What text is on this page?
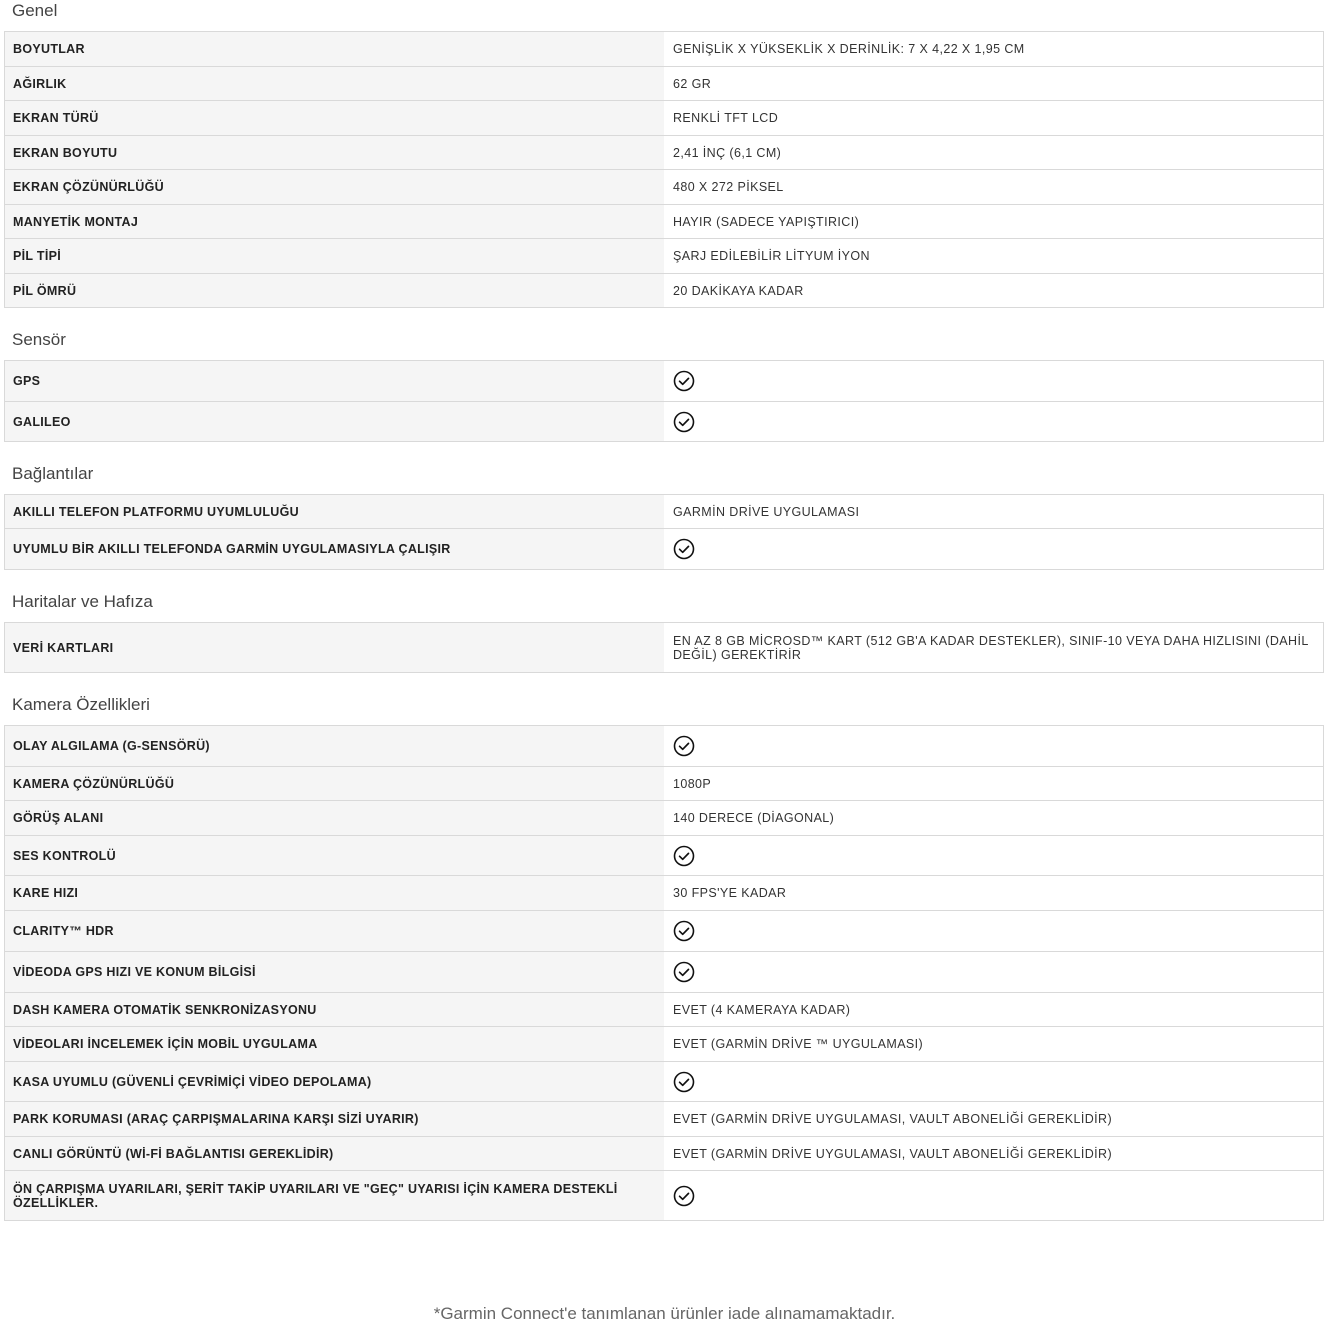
Genel
BOYUTLAR	GENİŞLİK X YÜKSEKLİK X DERİNLİK: 7 X 4,22 X 1,95 CM
AĞIRLIK	62 GR
EKRAN TÜRÜ	RENKLİ TFT LCD
EKRAN BOYUTU	2,41 İNÇ (6,1 CM)
EKRAN ÇÖZÜNÜRLÜĞÜ	480 X 272 PİKSEL
MANYETİK MONTAJ	HAYIR (SADECE YAPIŞTIRICI)
PİL TİPİ	ŞARJ EDİLEBİLİR LİTYUM İYON
PİL ÖMRÜ	20 DAKİKAYA KADAR
Sensör
GPS
GALILEO
Bağlantılar
AKILLI TELEFON PLATFORMU UYUMLULUĞU	GARMİN DRİVE UYGULAMASI
UYUMLU BİR AKILLI TELEFONDA GARMİN UYGULAMASIYLA ÇALIŞIR
Haritalar ve Hafıza
VERİ KARTLARI	EN AZ 8 GB MİCROSD™ KART (512 GB'A KADAR DESTEKLER), SINIF-10 VEYA DAHA HIZLISINI (DAHİL DEĞİL) GEREKTİRİR
Kamera Özellikleri
OLAY ALGILAMA (G-SENSÖRÜ)
KAMERA ÇÖZÜNÜRLÜĞÜ	1080P
GÖRÜŞ ALANI	140 DERECE (DİAGONAL)
SES KONTROLÜ
KARE HIZI	30 FPS'YE KADAR
CLARITY™ HDR
VİDEODA GPS HIZI VE KONUM BİLGİSİ
DASH KAMERA OTOMATİK SENKRONİZASYONU	EVET (4 KAMERAYA KADAR)
VİDEOLARI İNCELEMEK İÇİN MOBİL UYGULAMA	EVET (GARMİN DRİVE ™ UYGULAMASI)
KASA UYUMLU (GÜVENLİ ÇEVRİMİÇİ VİDEO DEPOLAMA)
PARK KORUMASI (ARAÇ ÇARPIŞMALARINA KARŞI SİZİ UYARIR)	EVET (GARMİN DRİVE UYGULAMASI, VAULT ABONELİĞİ GEREKLİDİR)
CANLI GÖRÜNTÜ (Wİ-Fİ BAĞLANTISI GEREKLİDİR)	EVET (GARMİN DRİVE UYGULAMASI, VAULT ABONELİĞİ GEREKLİDİR)
ÖN ÇARPIŞMA UYARILARI, ŞERİT TAKİP UYARILARI VE "GEÇ" UYARISI İÇİN KAMERA DESTEKLİ ÖZELLİKLER.
*Garmin Connect'e tanımlanan ürünler iade alınamamaktadır.
